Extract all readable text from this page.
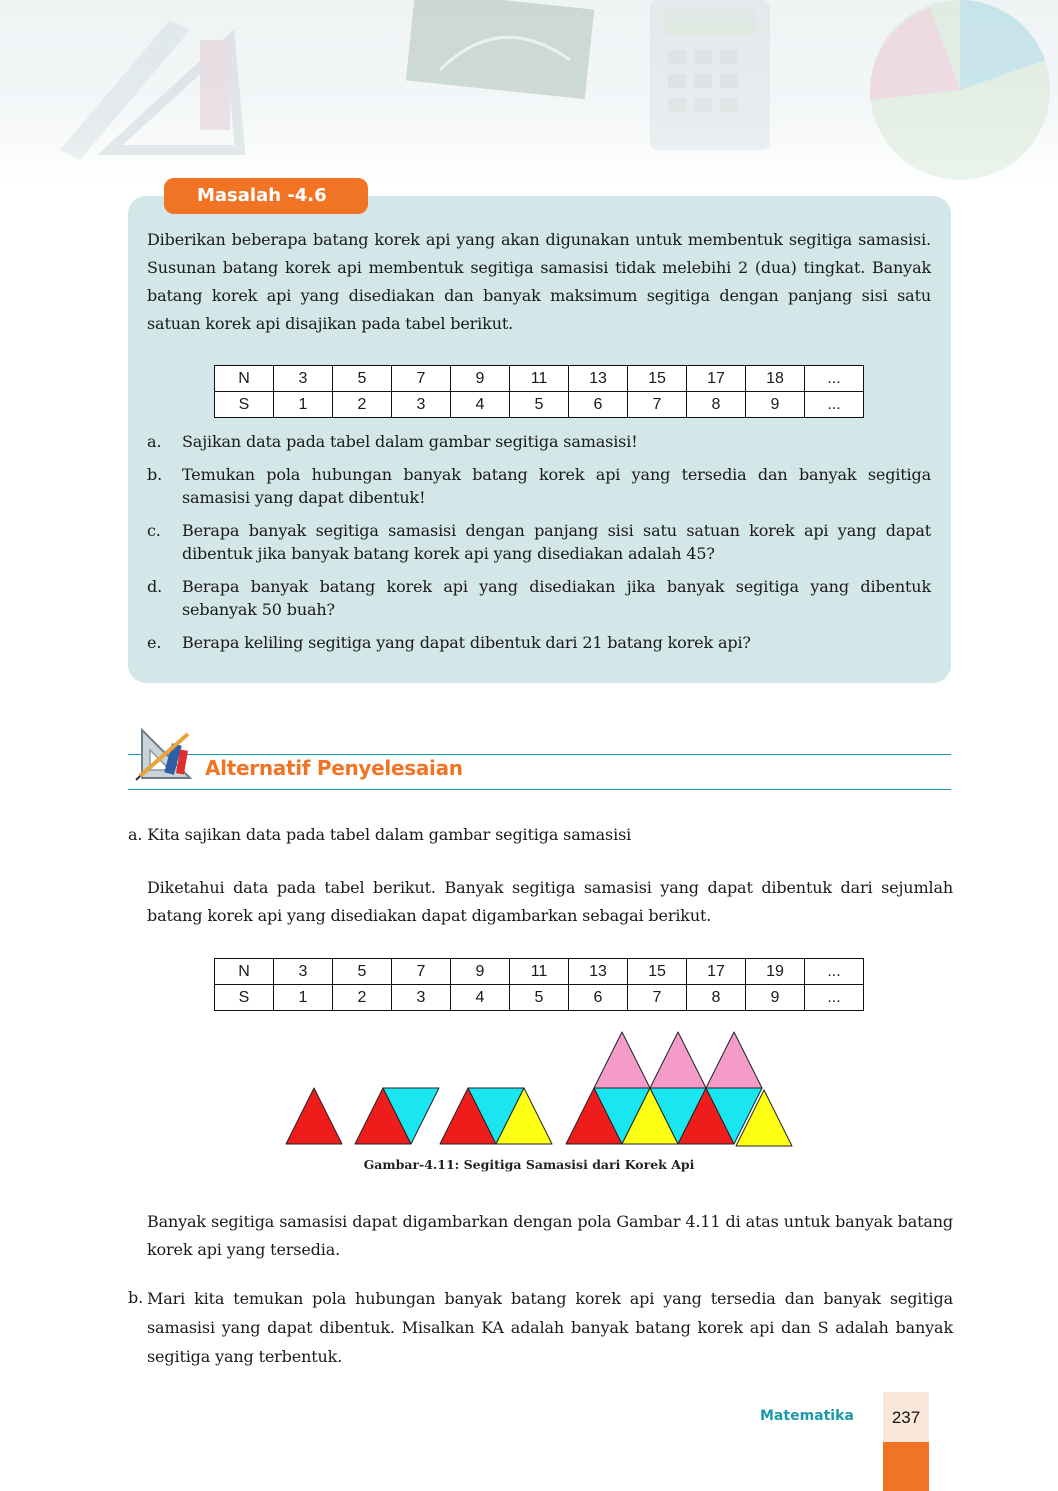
Masalah -4.6

Diberikan beberapa batang korek api yang akan digunakan untuk membentuk segitiga samasisi. Susunan batang korek api membentuk segitiga samasisi tidak melebihi 2 (dua) tingkat. Banyak batang korek api yang disediakan dan banyak maksimum segitiga dengan panjang sisi satu satuan korek api disajikan pada tabel berikut.

N	3	5	7	9	11	13	15	17	18	...
S	1	2	3	4	5	6	7	8	9	...
a. Sajikan data pada tabel dalam gambar segitiga samasisi!
b. Temukan pola hubungan banyak batang korek api yang tersedia dan banyak segitiga samasisi yang dapat dibentuk!
c. Berapa banyak segitiga samasisi dengan panjang sisi satu satuan korek api yang dapat dibentuk jika banyak batang korek api yang disediakan adalah 45?
d. Berapa banyak batang korek api yang disediakan jika banyak segitiga yang dibentuk sebanyak 50 buah?
e. Berapa keliling segitiga yang dapat dibentuk dari 21 batang korek api?
Alternatif Penyelesaian

a. Kita sajikan data pada tabel dalam gambar segitiga samasisi

Diketahui data pada tabel berikut. Banyak segitiga samasisi yang dapat dibentuk dari sejumlah batang korek api yang disediakan dapat digambarkan sebagai berikut.

N	3	5	7	9	11	13	15	17	19	...
S	1	2	3	4	5	6	7	8	9	...
Gambar-4.11: Segitiga Samasisi dari Korek Api

Banyak segitiga samasisi dapat digambarkan dengan pola Gambar 4.11 di atas untuk banyak batang korek api yang tersedia.

b. Mari kita temukan pola hubungan banyak batang korek api yang tersedia dan banyak segitiga samasisi yang dapat dibentuk. Misalkan KA adalah banyak batang korek api dan S adalah banyak segitiga yang terbentuk.

Matematika	237
